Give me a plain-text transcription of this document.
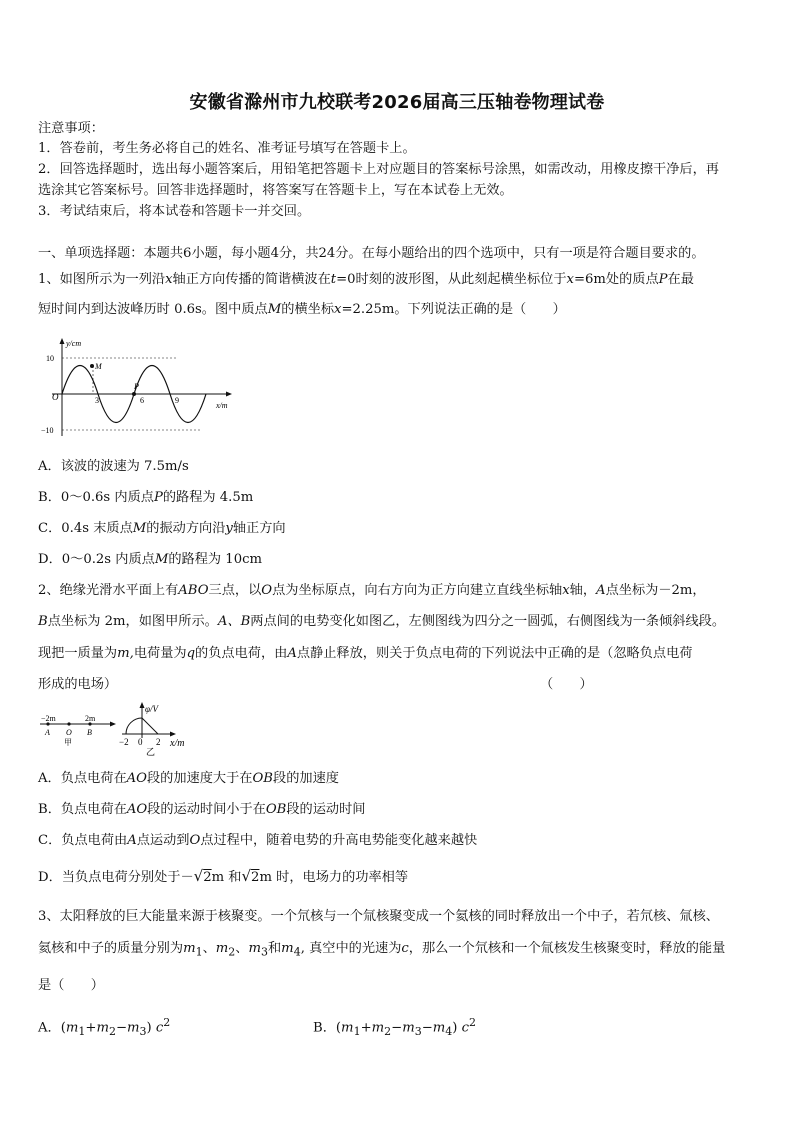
安徽省滁州市九校联考2026届高三压轴卷物理试卷
注意事项：
1．答卷前，考生务必将自己的姓名、准考证号填写在答题卡上。
2．回答选择题时，选出每小题答案后，用铅笔把答题卡上对应题目的答案标号涂黑，如需改动，用橡皮擦干净后，再
选涂其它答案标号。回答非选择题时，将答案写在答题卡上，写在本试卷上无效。
3．考试结束后，将本试卷和答题卡一并交回。
一、单项选择题：本题共6小题，每小题4分，共24分。在每小题给出的四个选项中，只有一项是符合题目要求的。
1、如图所示为一列沿x轴正方向传播的简谐横波在t=0时刻的波形图，从此刻起横坐标位于x=6m处的质点P在最
短时间内到达波峰历时 0.6s。图中质点M的横坐标x=2.25m。下列说法正确的是（　　）
y/cm
x/m
O
10
−10
3	6	9
M
P
A．该波的波速为 7.5m/s
B．0～0.6s 内质点P的路程为 4.5m
C．0.4s 末质点M的振动方向沿y轴正方向
D．0～0.2s 内质点M的路程为 10cm
2、绝缘光滑水平面上有ABO三点，以O点为坐标原点，向右方向为正方向建立直线坐标轴x轴，A点坐标为－2m，
B点坐标为 2m，如图甲所示。A、B两点间的电势变化如图乙，左侧图线为四分之一圆弧，右侧图线为一条倾斜线段。
现把一质量为m,电荷量为q的负点电荷，由A点静止释放，则关于负点电荷的下列说法中正确的是（忽略负点电荷
形成的电场）	（　　）
−2m	2m
A O B
甲
φ/V
x/m
−2 0 2
乙
A．负点电荷在AO段的加速度大于在OB段的加速度
B．负点电荷在AO段的运动时间小于在OB段的运动时间
C．负点电荷由A点运动到O点过程中，随着电势的升高电势能变化越来越快
D．当负点电荷分别处于－√2m 和√2m 时，电场力的功率相等
3、太阳释放的巨大能量来源于核聚变。一个氘核与一个氚核聚变成一个氦核的同时释放出一个中子，若氘核、氚核、
氦核和中子的质量分别为$m_1$、$m_2$、$m_3$和$m_4$, 真空中的光速为c，那么一个氘核和一个氚核发生核聚变时，释放的能量
是（　　）
A．$(m_1+m_2-m_3)$ $c^2$	B．$(m_1+m_2-m_3-m_4)$ $c^2$
